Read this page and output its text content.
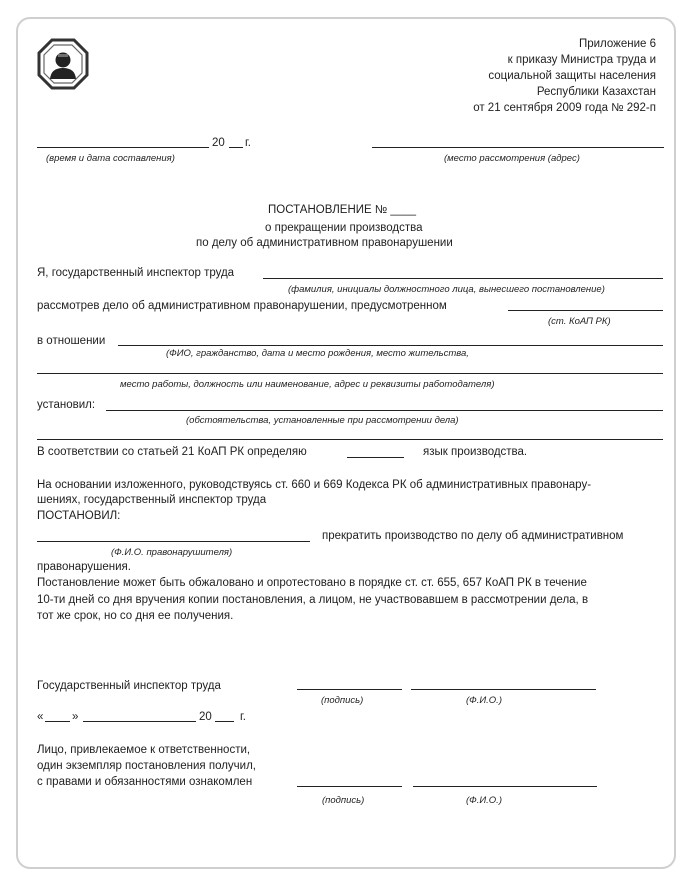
Приложение 6
к приказу Министра труда и
социальной защиты населения
Республики Казахстан
от 21 сентября 2009 года № 292-п
20 г.
(время и дата составления)	(место рассмотрения (адрес)
ПОСТАНОВЛЕНИЕ № ____
о прекращении производства
по делу об административном правонарушении
Я, государственный инспектор труда
(фамилия, инициалы должностного лица, вынесшего постановление)
рассмотрев дело об административном правонарушении, предусмотренном
(ст. КоАП РК)
в отношении
(ФИО, гражданство, дата и место рождения, место жительства,
место работы, должность или наименование, адрес и реквизиты работодателя)
установил:
(обстоятельства, установленные при рассмотрении дела)
В соответствии со статьей 21 КоАП РК определяю	язык производства.
На основании изложенного, руководствуясь ст. 660 и 669 Кодекса РК об административных правонару-
шениях, государственный инспектор труда
ПОСТАНОВИЛ:
прекратить производство по делу об административном
(Ф.И.О. правонарушителя)
правонарушения.
Постановление может быть обжаловано и опротестовано в порядке ст. ст. 655, 657 КоАП РК в течение
10-ти дней со дня вручения копии постановления, а лицом, не участвовавшем в рассмотрении дела, в
тот же срок, но со дня ее получения.
Государственный инспектор труда
(подпись)	(Ф.И.О.)
« »	20 г.
Лицо, привлекаемое к ответственности,
один экземпляр постановления получил,
с правами и обязанностями ознакомлен
(подпись)	(Ф.И.О.)
